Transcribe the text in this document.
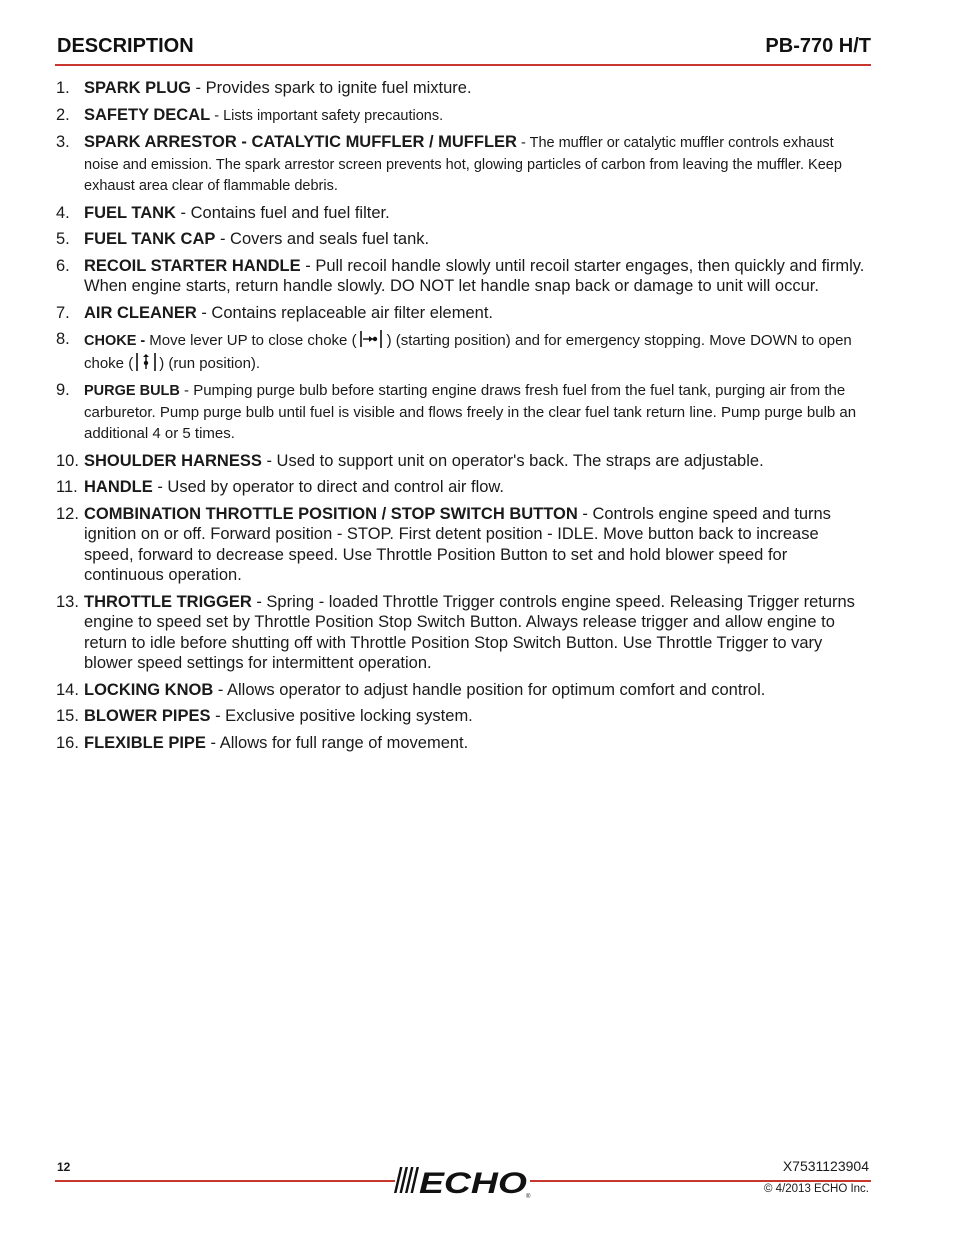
DESCRIPTION	PB-770 H/T
1. SPARK PLUG - Provides spark to ignite fuel mixture.
2. SAFETY DECAL - Lists important safety precautions.
3. SPARK ARRESTOR - CATALYTIC MUFFLER / MUFFLER - The muffler or catalytic muffler controls exhaust noise and emission. The spark arrestor screen prevents hot, glowing particles of carbon from leaving the muffler. Keep exhaust area clear of flammable debris.
4. FUEL TANK - Contains fuel and fuel filter.
5. FUEL TANK CAP - Covers and seals fuel tank.
6. RECOIL STARTER HANDLE - Pull recoil handle slowly until recoil starter engages, then quickly and firmly. When engine starts, return handle slowly. DO NOT let handle snap back or damage to unit will occur.
7. AIR CLEANER - Contains replaceable air filter element.
8. CHOKE - Move lever UP to close choke ( ) (starting position) and for emergency stopping. Move DOWN to open choke ( ) (run position).
9. PURGE BULB - Pumping purge bulb before starting engine draws fresh fuel from the fuel tank, purging air from the carburetor. Pump purge bulb until fuel is visible and flows freely in the clear fuel tank return line. Pump purge bulb an additional 4 or 5 times.
10. SHOULDER HARNESS - Used to support unit on operator's back. The straps are adjustable.
11. HANDLE - Used by operator to direct and control air flow.
12. COMBINATION THROTTLE POSITION / STOP SWITCH BUTTON - Controls engine speed and turns ignition on or off. Forward position - STOP. First detent position - IDLE. Move button back to increase speed, forward to decrease speed. Use Throttle Position Button to set and hold blower speed for continuous operation.
13. THROTTLE TRIGGER - Spring - loaded Throttle Trigger controls engine speed. Releasing Trigger returns engine to speed set by Throttle Position Stop Switch Button. Always release trigger and allow engine to return to idle before shutting off with Throttle Position Stop Switch Button. Use Throttle Trigger to vary blower speed settings for intermittent operation.
14. LOCKING KNOB - Allows operator to adjust handle position for optimum comfort and control.
15. BLOWER PIPES - Exclusive positive locking system.
16. FLEXIBLE PIPE - Allows for full range of movement.
12	X7531123904
© 4/2013 ECHO Inc.
ECHO ®
